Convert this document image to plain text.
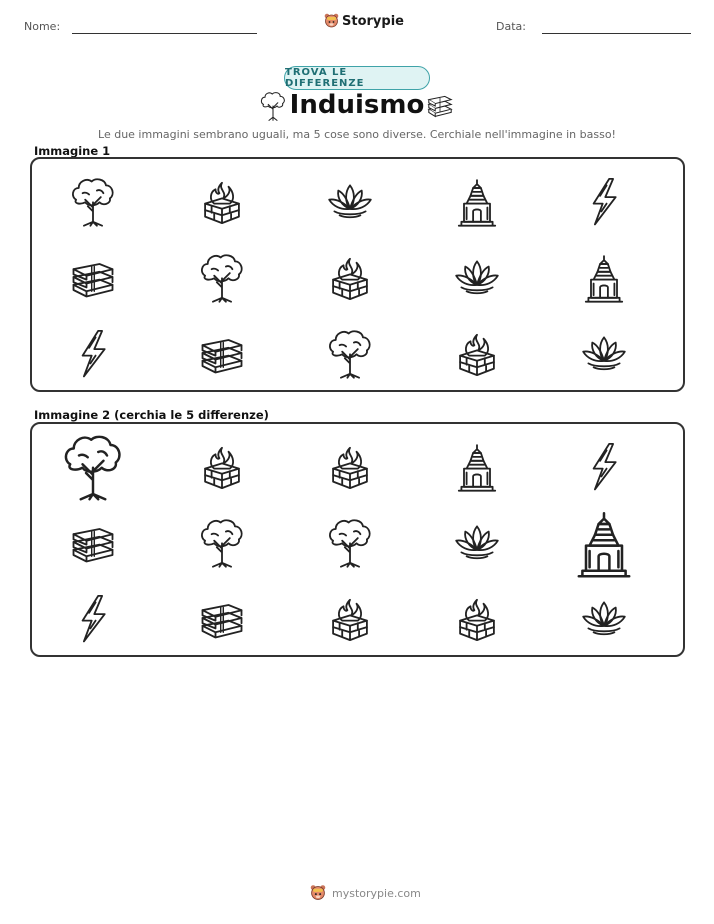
Nome:	Storypie	Data:
TROVA LE DIFFERENZE
Induismo
Le due immagini sembrano uguali, ma 5 cose sono diverse. Cerchiale nell'immagine in basso!
Immagine 1
Immagine 2 (cerchia le 5 differenze)
mystorypie.com
